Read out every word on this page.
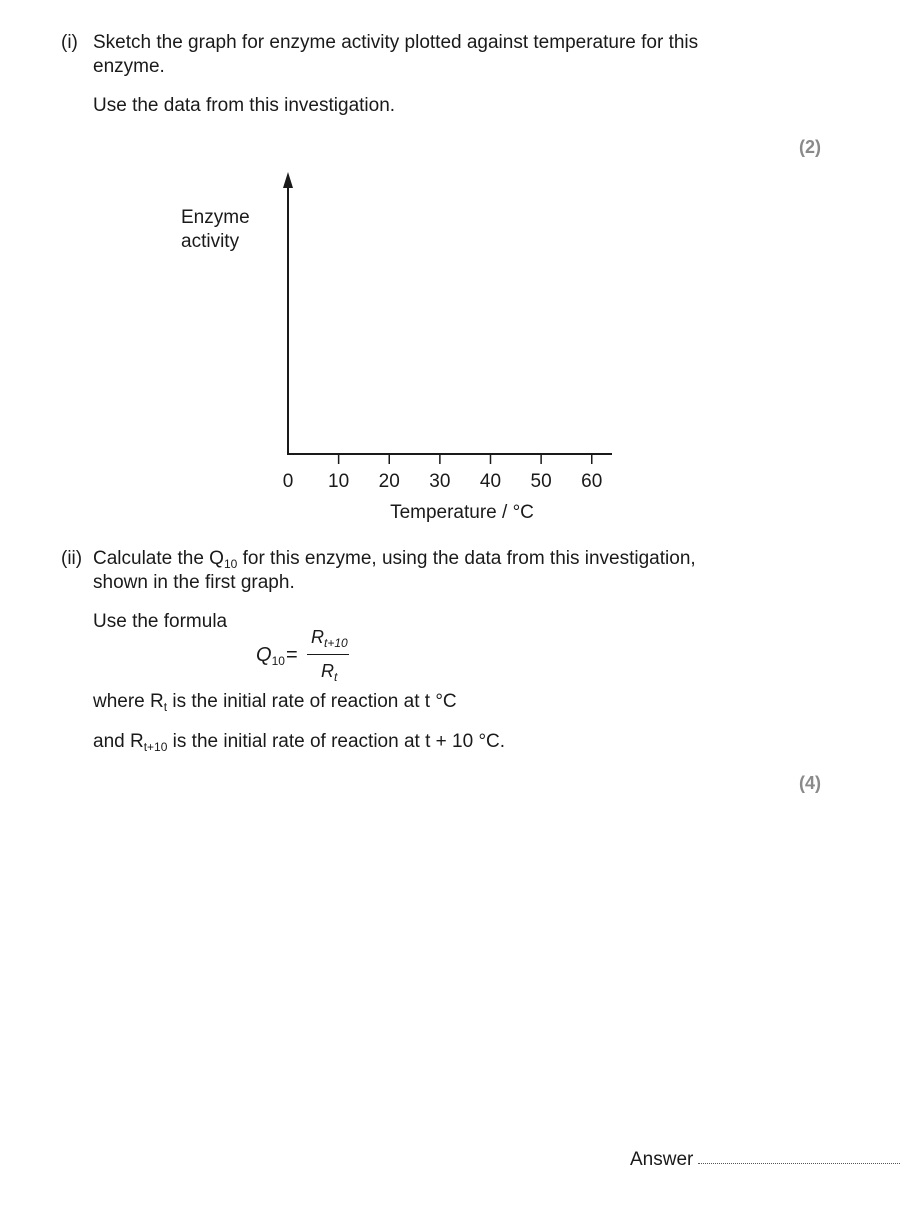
(i) Sketch the graph for enzyme activity plotted against temperature for this
enzyme.
Use the data from this investigation.
(2)
Enzyme
activity
0	10	20	30	40	50	60
Temperature / °C
(ii) Calculate the $Q_{10}$ for this enzyme, using the data from this investigation,
shown in the first graph.
Use the formula
$Q_{10}$ =
$R_{t+10}$
$R_t$
where $R_t$ is the initial rate of reaction at t °C
and $R_{t+10}$ is the initial rate of reaction at t + 10 °C.
(4)
Answer
